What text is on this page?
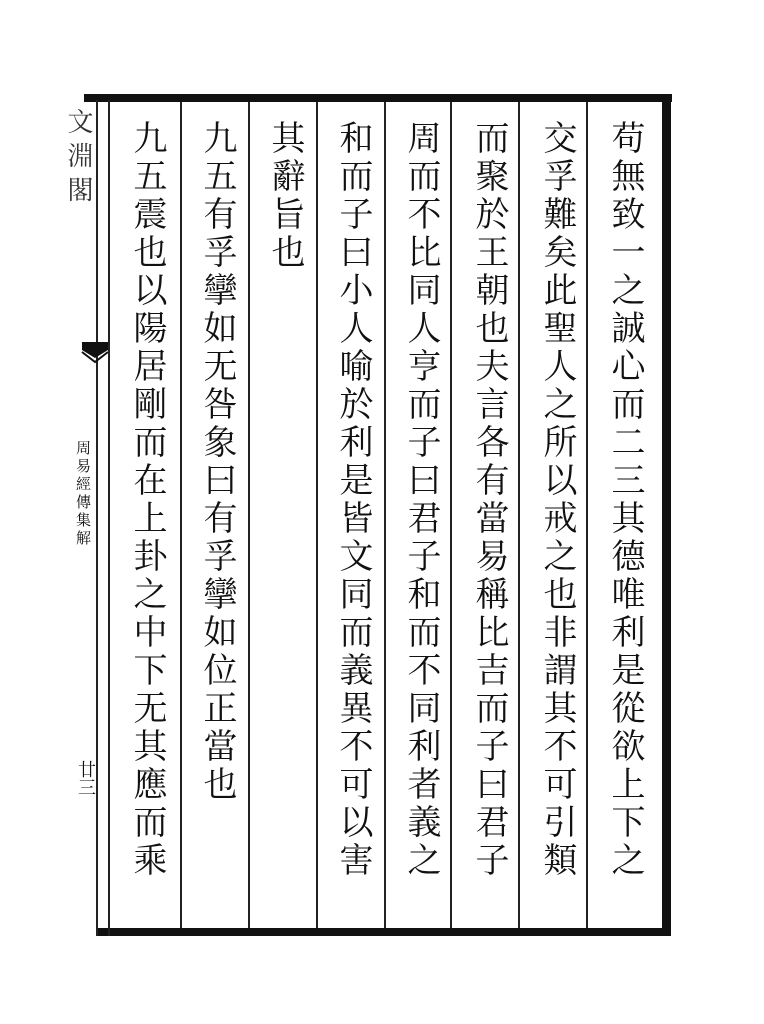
苟無致一之誠心而二三其德唯利是從欲上下之
交孚難矣此聖人之所以戒之也非謂其不可引類
而聚於王朝也夫言各有當易稱比吉而子曰君子
周而不比同人亨而子曰君子和而不同利者義之
和而子曰小人喻於利是皆文同而義異不可以害
其辭旨也
九五有孚攣如无咎象曰有孚攣如位正當也
九五震也以陽居剛而在上卦之中下无其應而乘
文淵閣
周易經傳集解
廿三
